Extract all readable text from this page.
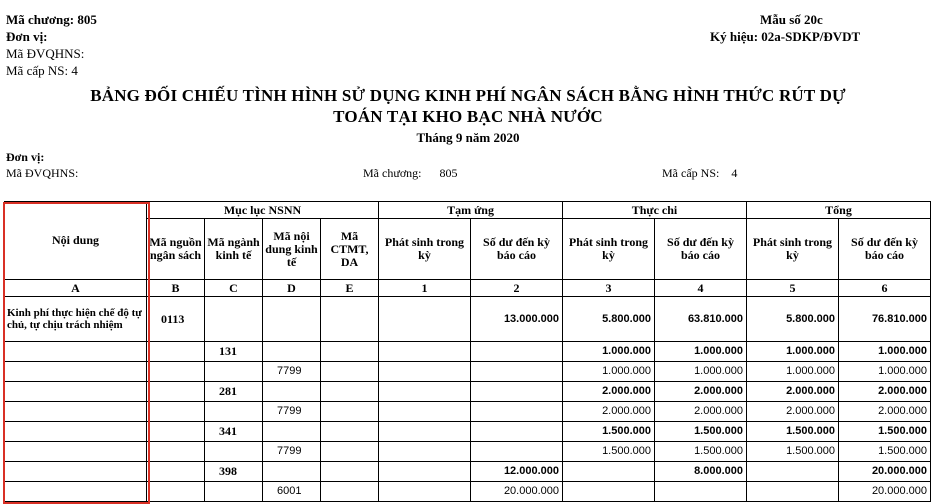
Mã chương: 805
Đơn vị:
Mã ĐVQHNS:
Mã cấp NS: 4
Mẫu số 20c
Ký hiệu: 02a-SDKP/ĐVDT
BẢNG ĐỐI CHIẾU TÌNH HÌNH SỬ DỤNG KINH PHÍ NGÂN SÁCH BẰNG HÌNH THỨC RÚT DỰ
TOÁN TẠI KHO BẠC NHÀ NƯỚC
Tháng 9 năm 2020
Đơn vị:
Mã ĐVQHNS:	Mã chương: 805	Mã cấp NS: 4
Nội dung	Mục lục NSNN				Tạm ứng		Thực chi		Tổng	
	Mã nguồn ngân sách	Mã ngành kinh tế	Mã nội dung kinh tế	Mã CTMT, DA	Phát sinh trong kỳ	Số dư đến kỳ báo cáo	Phát sinh trong kỳ	Số dư đến kỳ báo cáo	Phát sinh trong kỳ	Số dư đến kỳ báo cáo
A	B	C	D	E	1	2	3	4	5	6
Kinh phí thực hiện chế độ tự chủ, tự chịu trách nhiệm	0113					13.000.000	5.800.000	63.810.000	5.800.000	76.810.000
		131					1.000.000	1.000.000	1.000.000	1.000.000
			7799				1.000.000	1.000.000	1.000.000	1.000.000
		281					2.000.000	2.000.000	2.000.000	2.000.000
			7799				2.000.000	2.000.000	2.000.000	2.000.000
		341					1.500.000	1.500.000	1.500.000	1.500.000
			7799				1.500.000	1.500.000	1.500.000	1.500.000
		398				12.000.000		8.000.000		20.000.000
			6001			20.000.000				20.000.000
